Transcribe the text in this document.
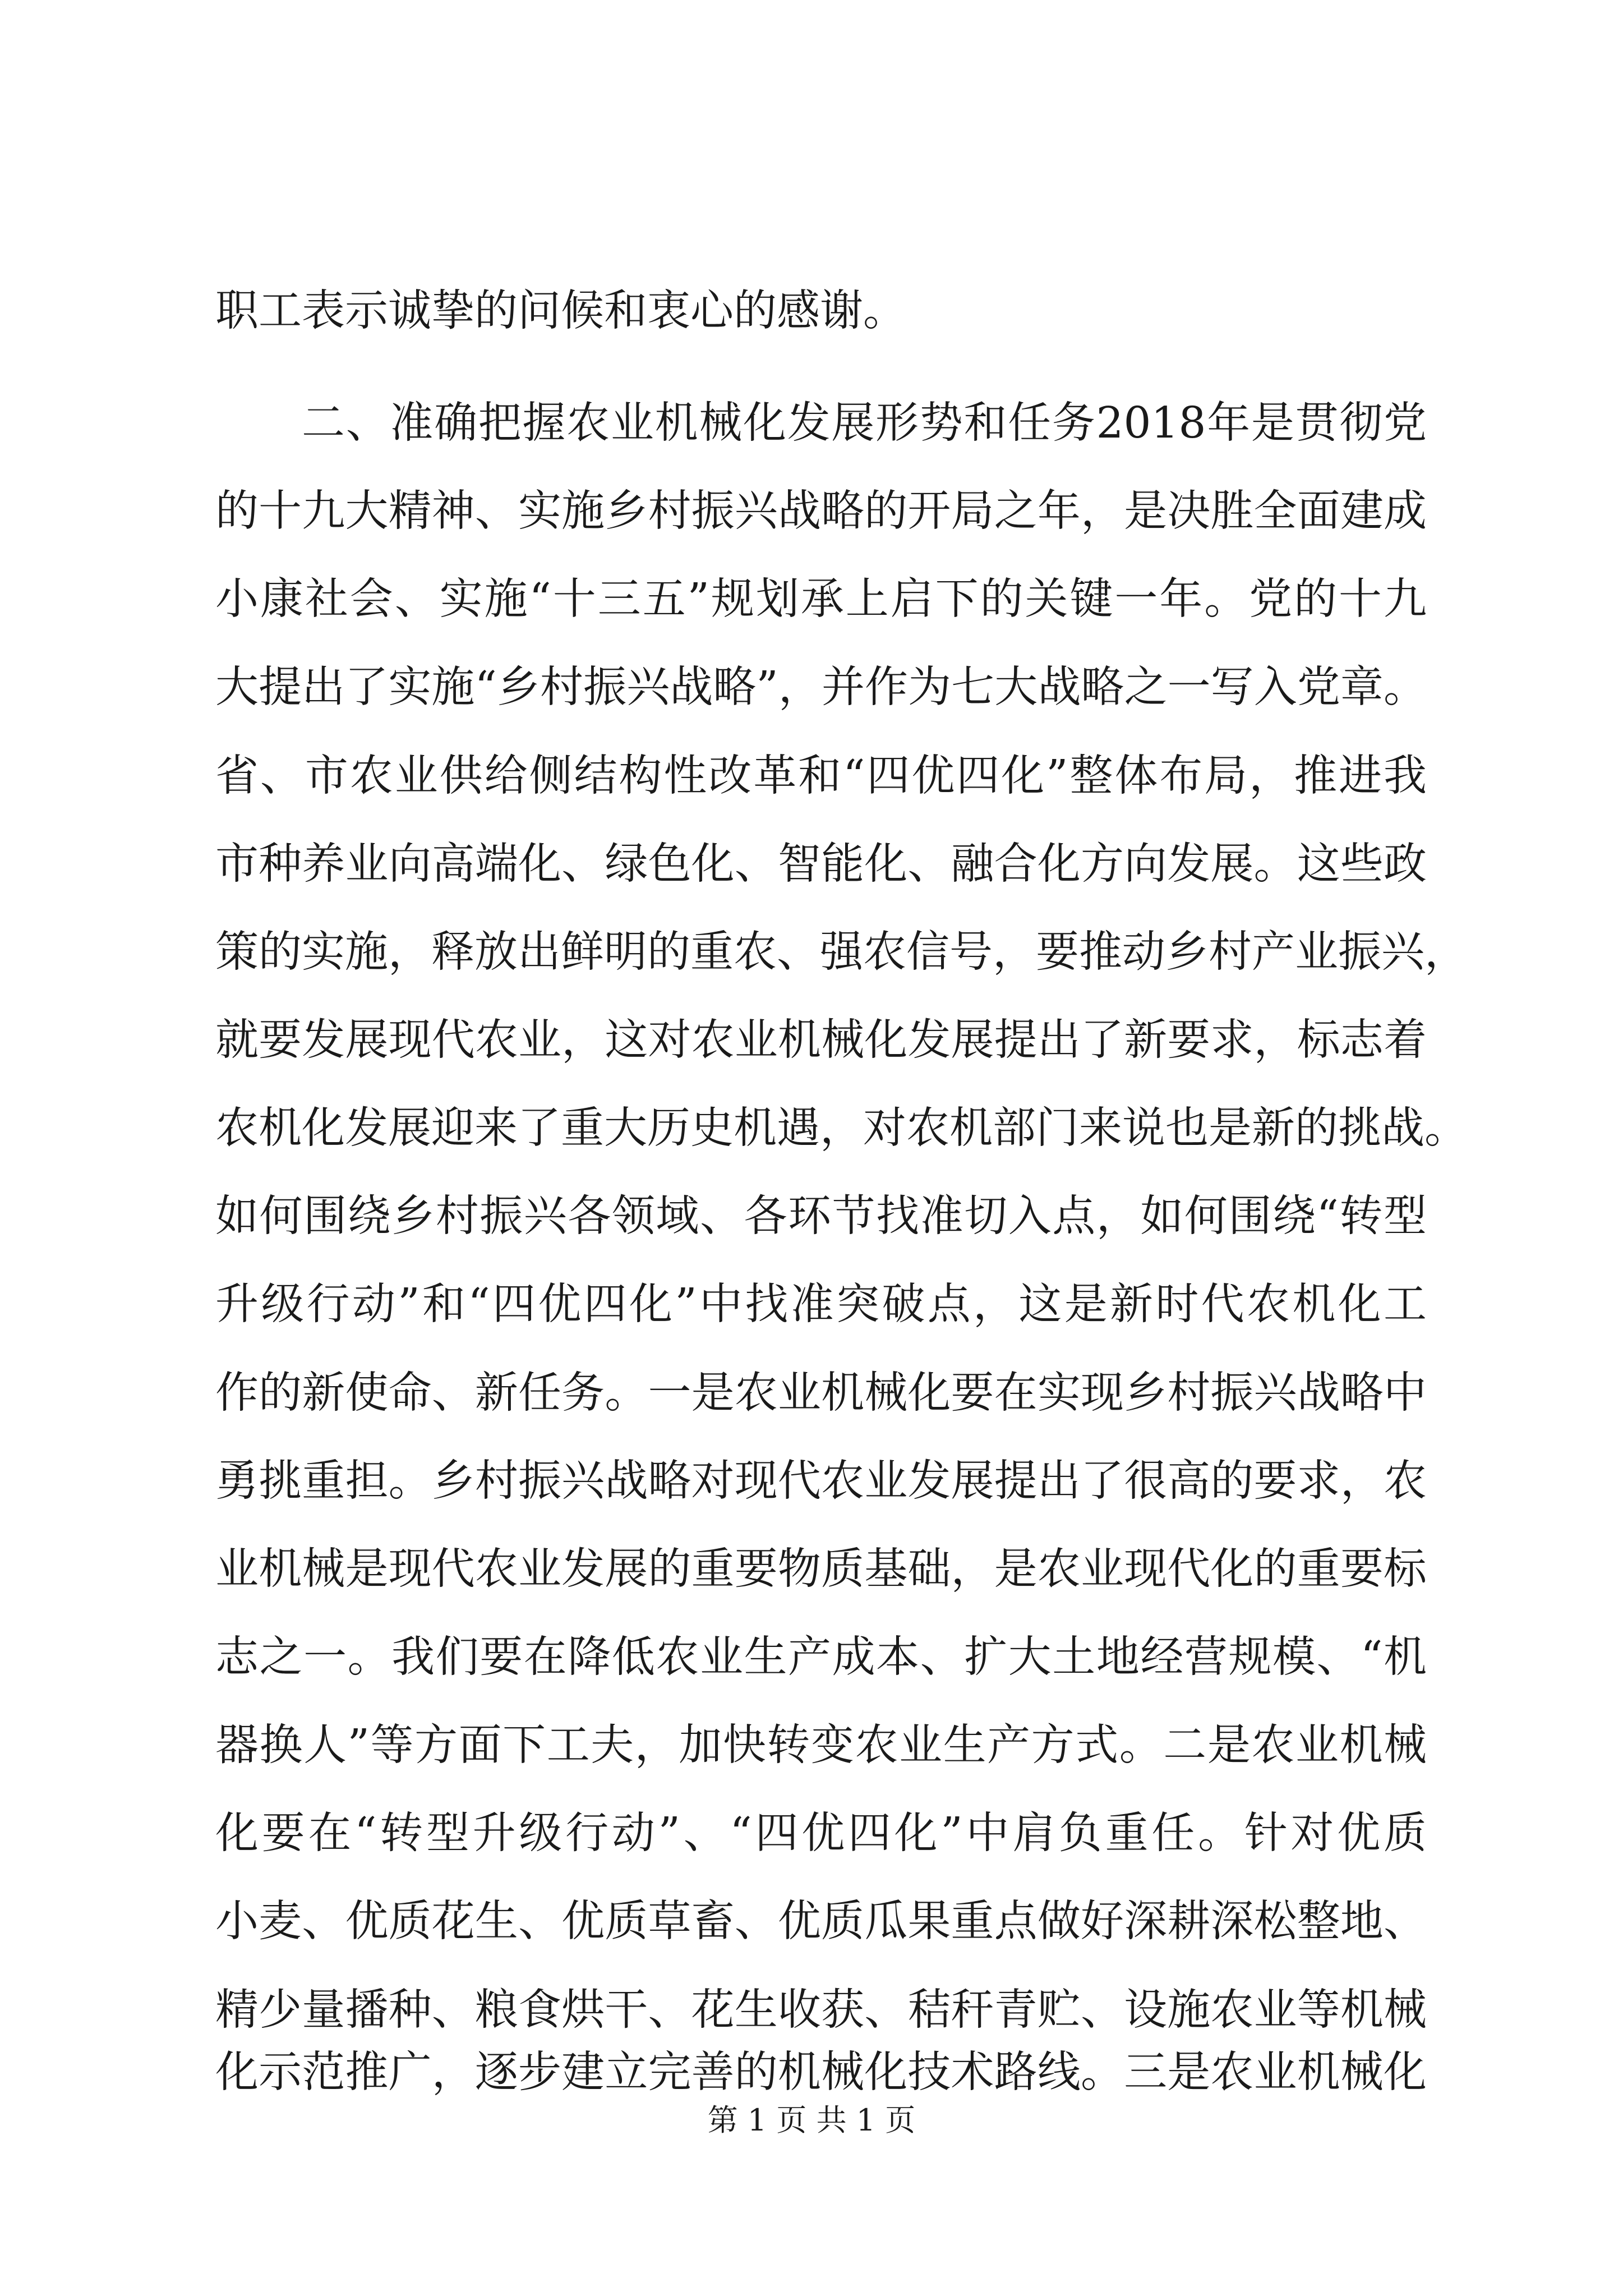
职工表示诚挚的问候和衷心的感谢。
二、准确把握农业机械化发展形势和任务2018年是贯彻党
的十九大精神、实施乡村振兴战略的开局之年，是决胜全面建成
小康社会、实施“十三五”规划承上启下的关键一年。党的十九
大提出了实施“乡村振兴战略”，并作为七大战略之一写入党章。
省、市农业供给侧结构性改革和“四优四化”整体布局，推进我
市种养业向高端化、绿色化、智能化、融合化方向发展。这些政
策的实施，释放出鲜明的重农、强农信号，要推动乡村产业振兴，
就要发展现代农业，这对农业机械化发展提出了新要求，标志着
农机化发展迎来了重大历史机遇，对农机部门来说也是新的挑战。
如何围绕乡村振兴各领域、各环节找准切入点，如何围绕“转型
升级行动”和“四优四化”中找准突破点，这是新时代农机化工
作的新使命、新任务。一是农业机械化要在实现乡村振兴战略中
勇挑重担。乡村振兴战略对现代农业发展提出了很高的要求，农
业机械是现代农业发展的重要物质基础，是农业现代化的重要标
志之一。我们要在降低农业生产成本、扩大土地经营规模、“机
器换人”等方面下工夫，加快转变农业生产方式。二是农业机械
化要在“转型升级行动”、“四优四化”中肩负重任。针对优质
小麦、优质花生、优质草畜、优质瓜果重点做好深耕深松整地、
精少量播种、粮食烘干、花生收获、秸秆青贮、设施农业等机械
化示范推广，逐步建立完善的机械化技术路线。三是农业机械化
第 1 页 共 1 页
